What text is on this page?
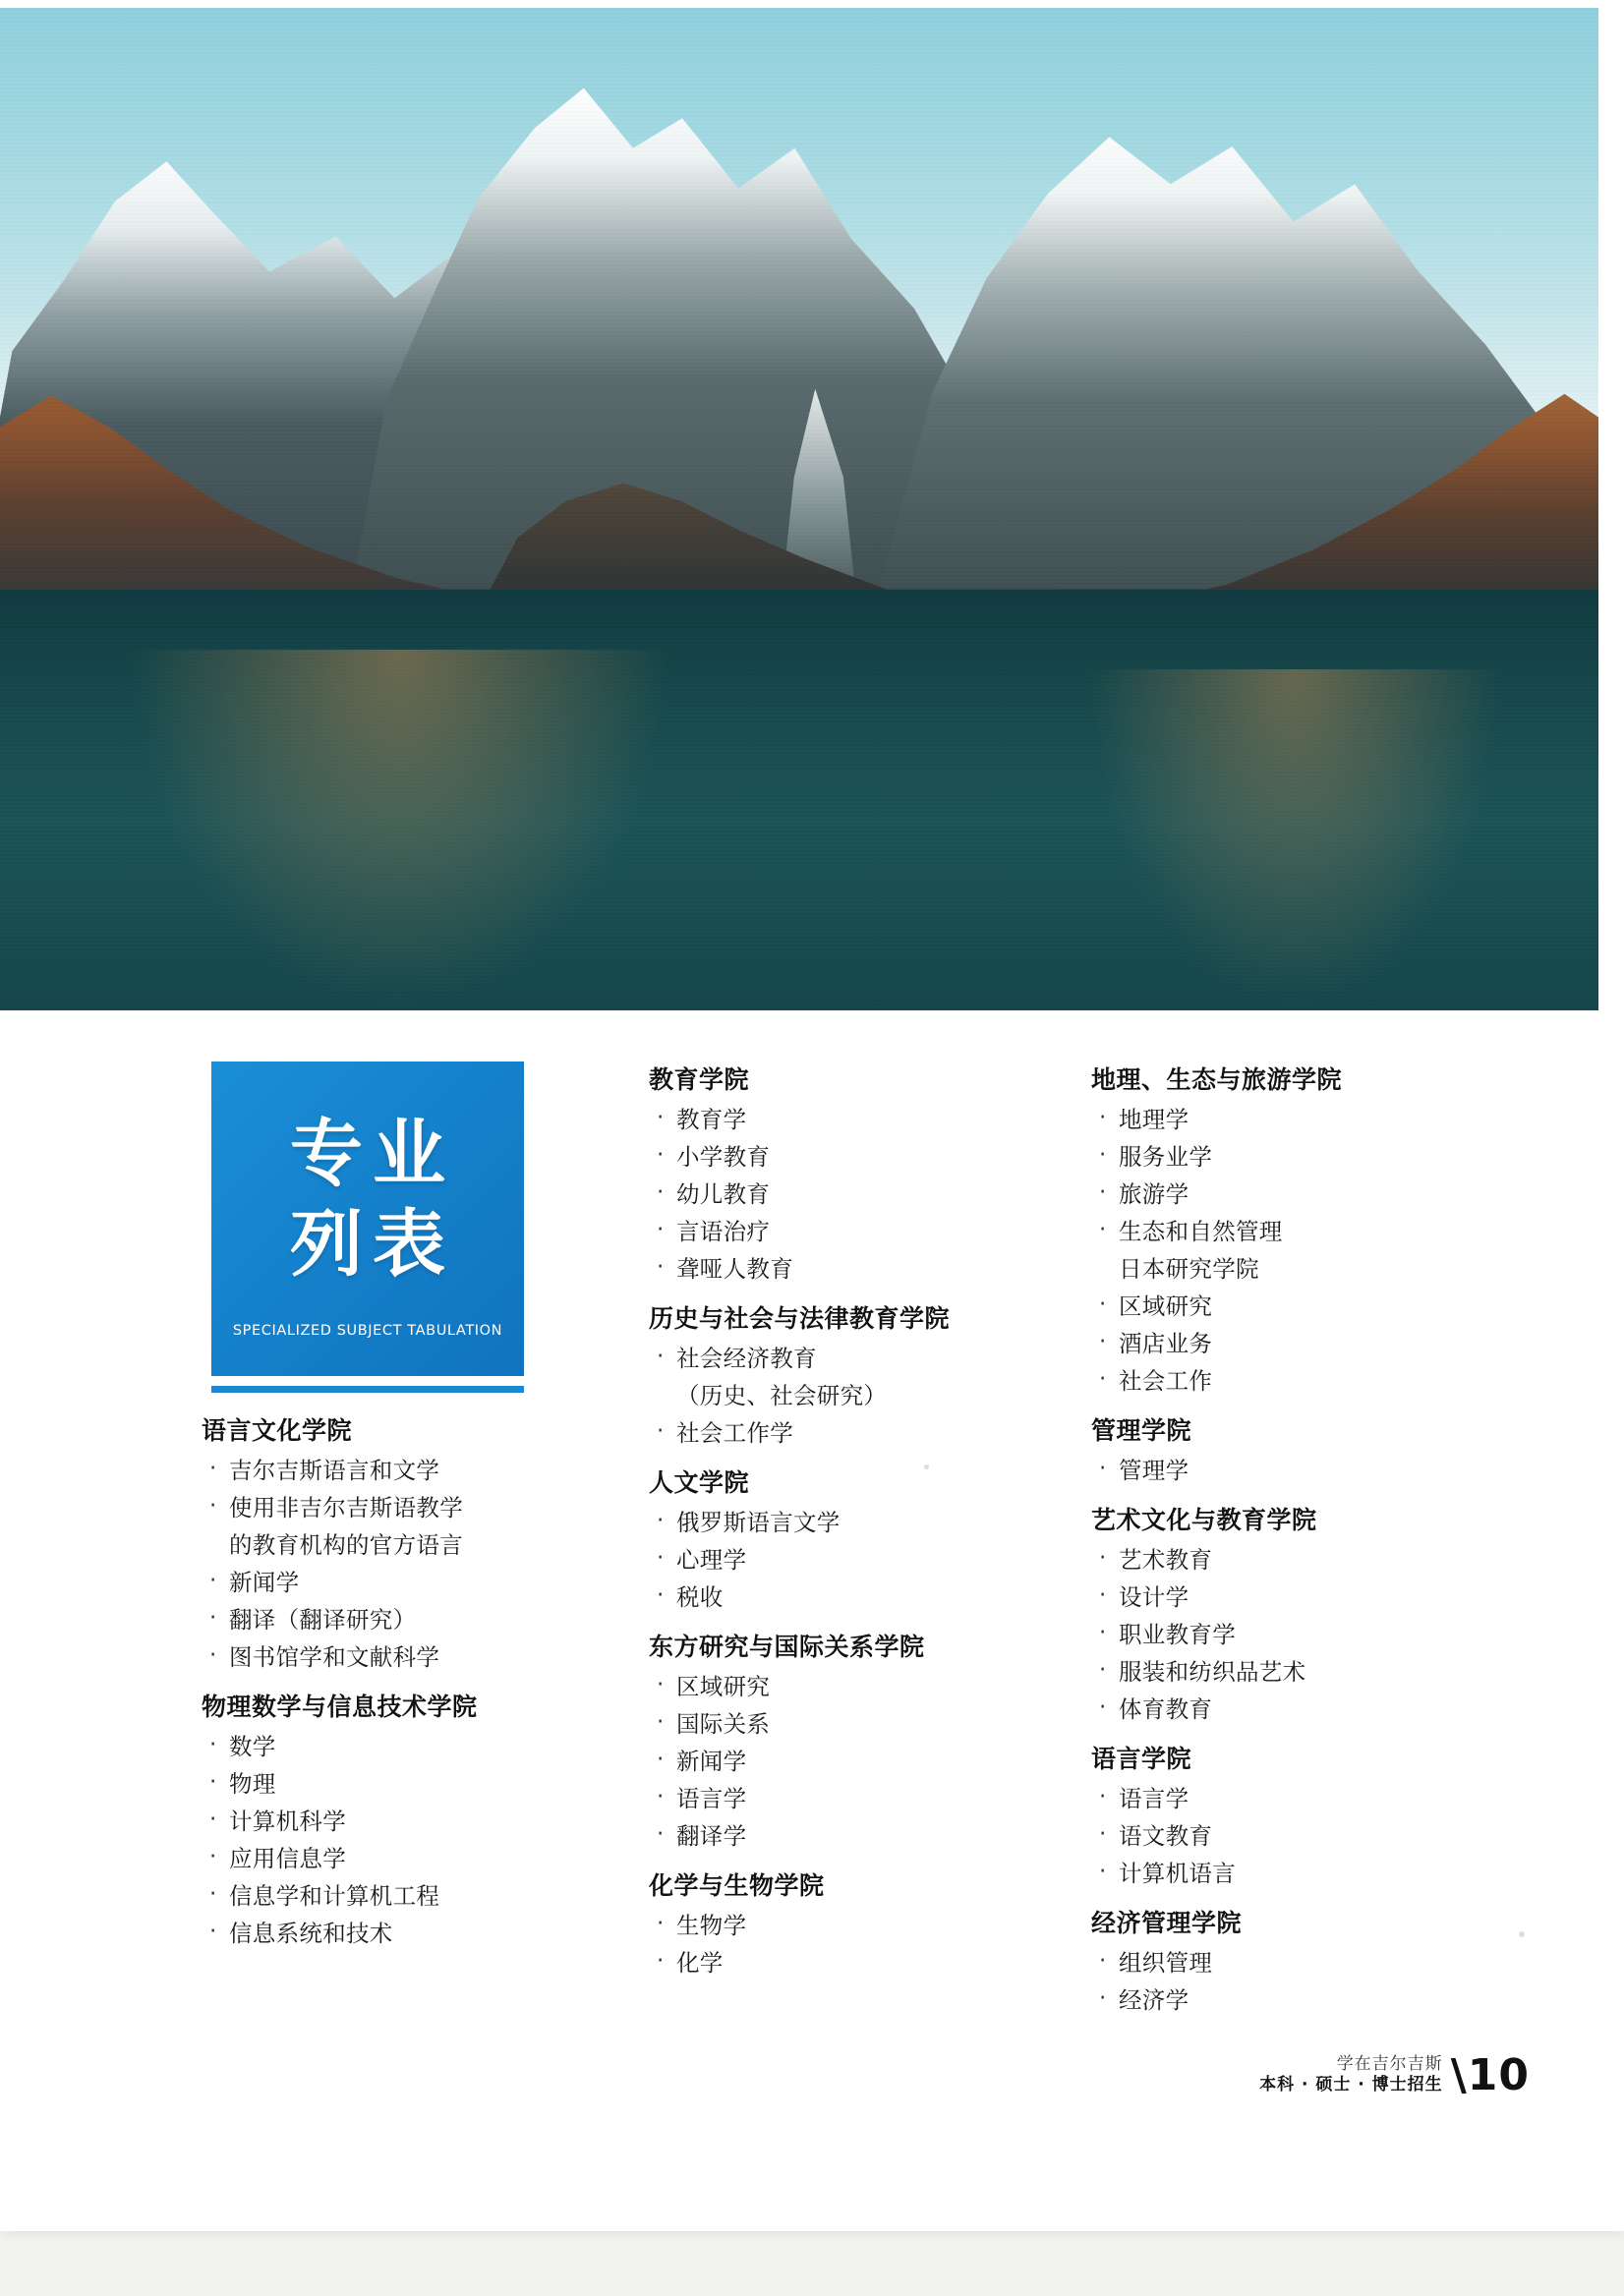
专业
列表
SPECIALIZED SUBJECT TABULATION
语言文化学院
· 吉尔吉斯语言和文学
· 使用非吉尔吉斯语教学
的教育机构的官方语言
· 新闻学
· 翻译（翻译研究）
· 图书馆学和文献科学
物理数学与信息技术学院
· 数学
· 物理
· 计算机科学
· 应用信息学
· 信息学和计算机工程
· 信息系统和技术
教育学院
· 教育学
· 小学教育
· 幼儿教育
· 言语治疗
· 聋哑人教育
历史与社会与法律教育学院
· 社会经济教育
（历史、社会研究）
· 社会工作学
人文学院
· 俄罗斯语言文学
· 心理学
· 税收
东方研究与国际关系学院
· 区域研究
· 国际关系
· 新闻学
· 语言学
· 翻译学
化学与生物学院
· 生物学
· 化学
地理、生态与旅游学院
· 地理学
· 服务业学
· 旅游学
· 生态和自然管理
日本研究学院
· 区域研究
· 酒店业务
· 社会工作
管理学院
· 管理学
艺术文化与教育学院
· 艺术教育
· 设计学
· 职业教育学
· 服装和纺织品艺术
· 体育教育
语言学院
· 语言学
· 语文教育
· 计算机语言
经济管理学院
· 组织管理
· 经济学
学在吉尔吉斯
本科 · 硕士 · 博士招生 \10
